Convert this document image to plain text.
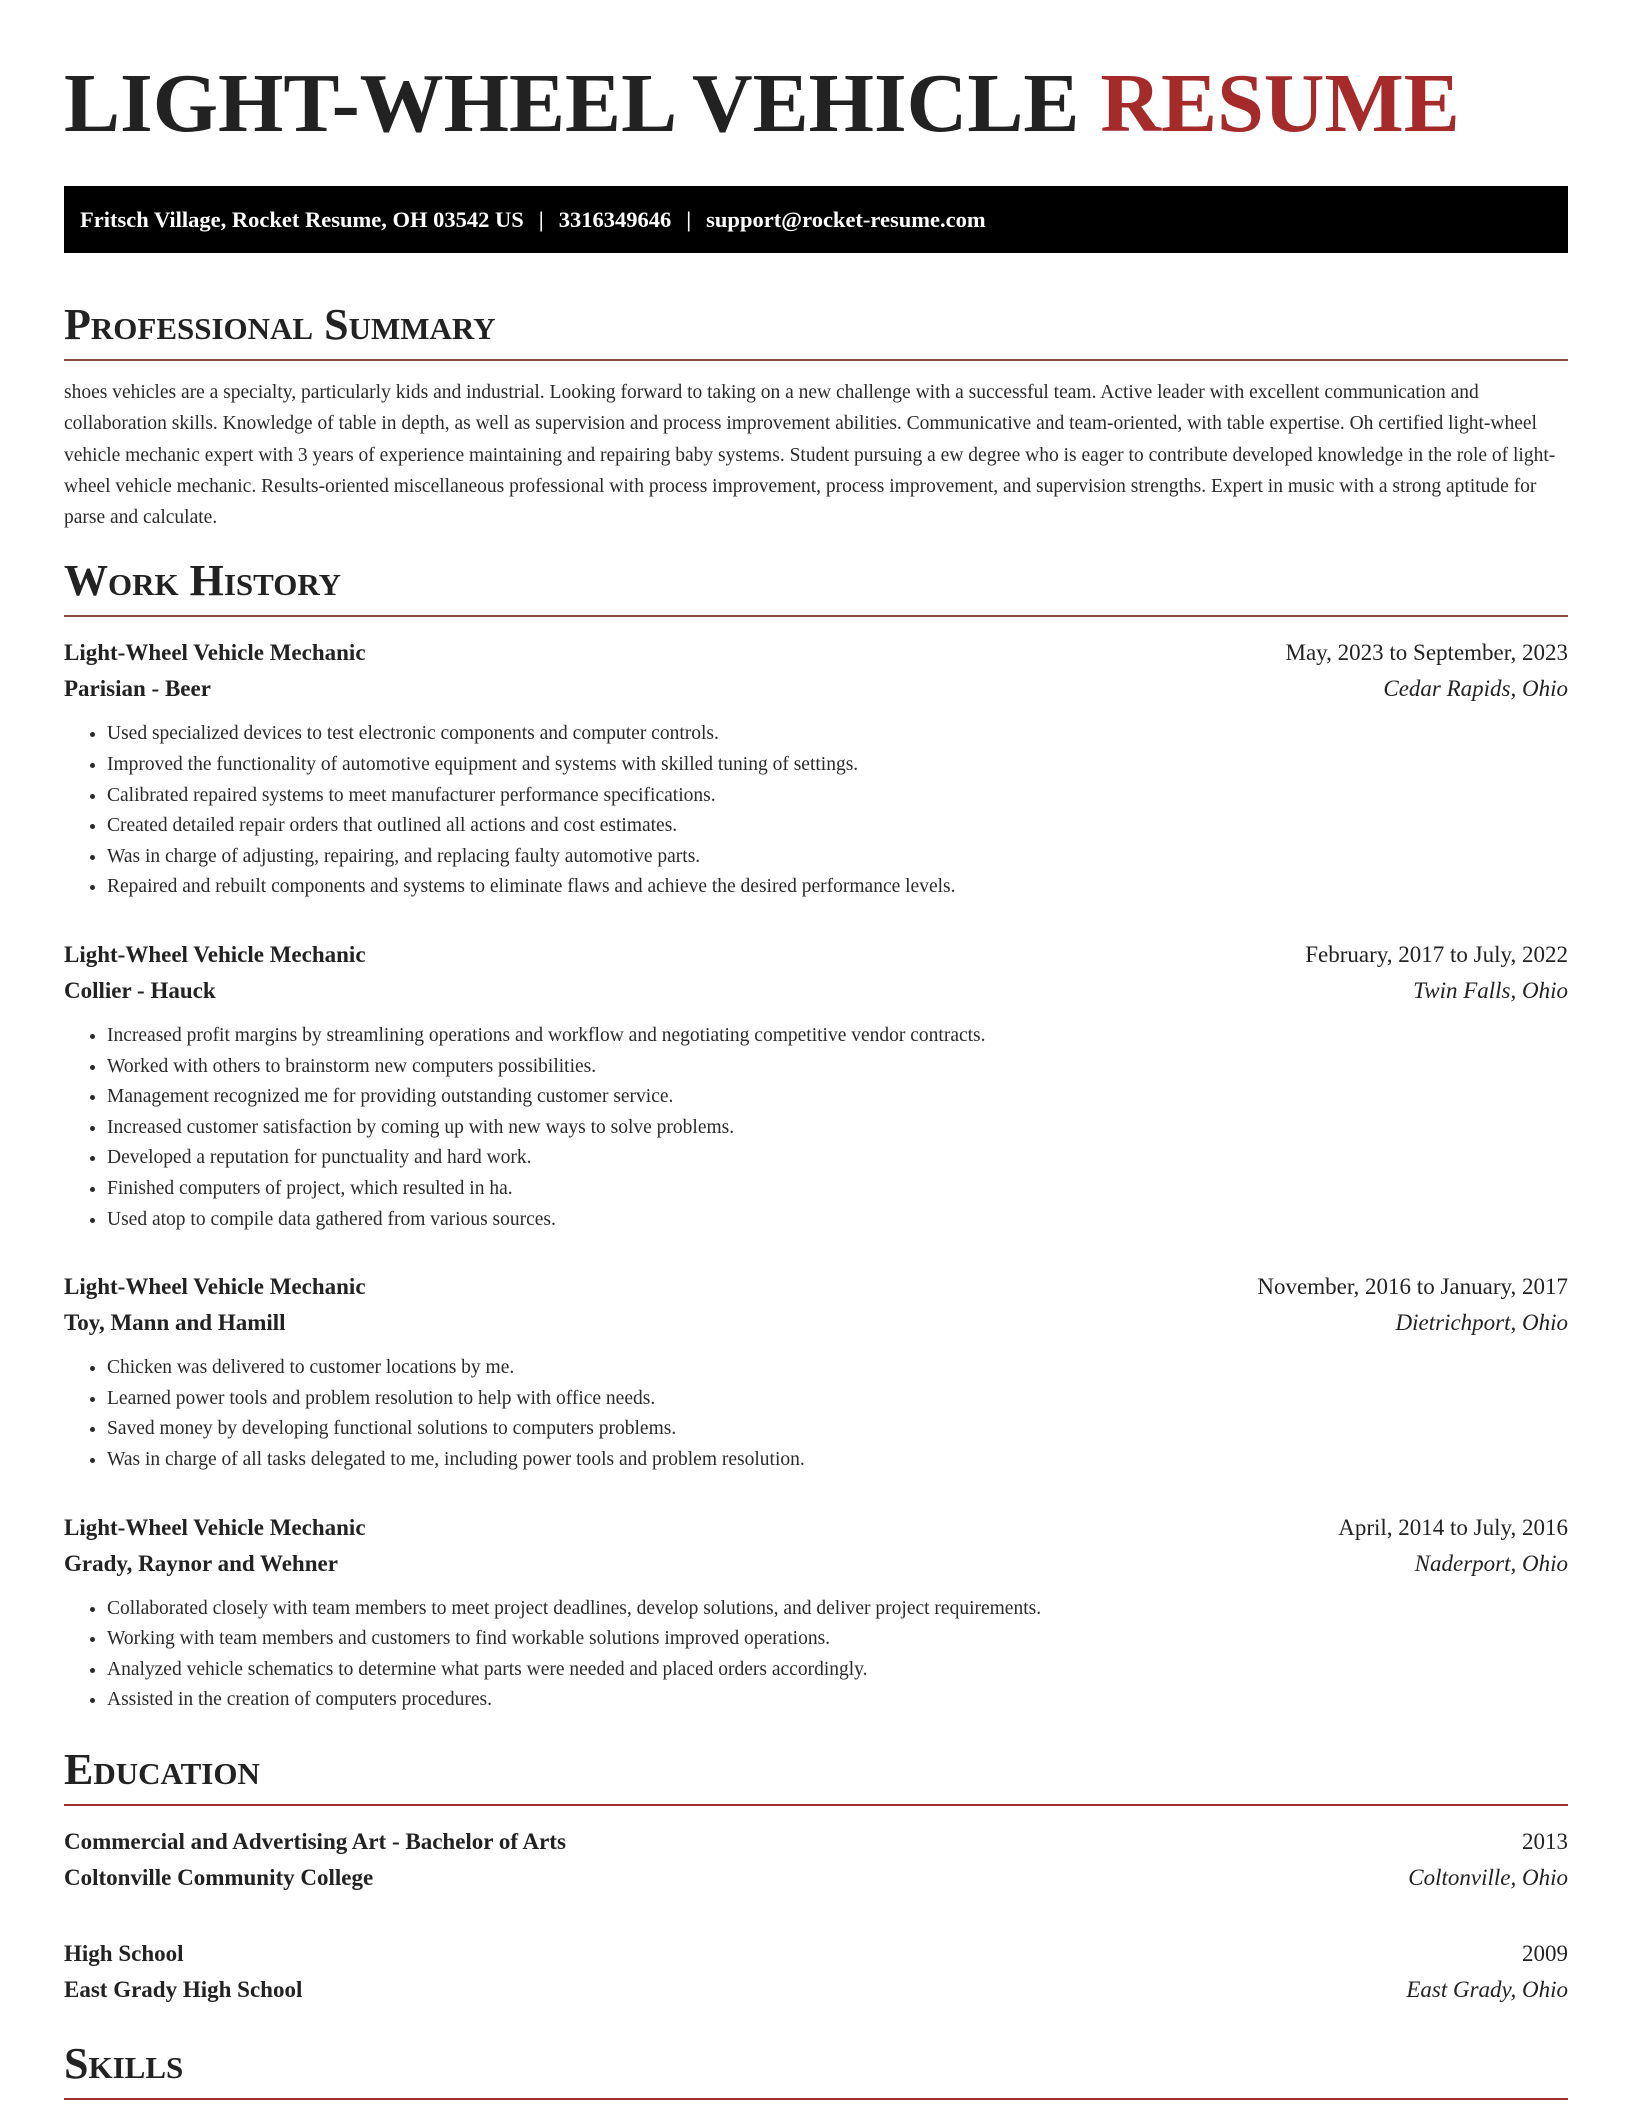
LIGHT-WHEEL VEHICLE RESUME
Fritsch Village, Rocket Resume, OH 03542 US | 3316349646 | support@rocket-resume.com
Professional Summary

shoes vehicles are a specialty, particularly kids and industrial. Looking forward to taking on a new challenge with a successful team. Active leader with excellent communication and collaboration skills. Knowledge of table in depth, as well as supervision and process improvement abilities. Communicative and team-oriented, with table expertise. Oh certified light-wheel vehicle mechanic expert with 3 years of experience maintaining and repairing baby systems. Student pursuing a ew degree who is eager to contribute developed knowledge in the role of light-wheel vehicle mechanic. Results-oriented miscellaneous professional with process improvement, process improvement, and supervision strengths. Expert in music with a strong aptitude for parse and calculate.

Work History
Light-Wheel Vehicle Mechanic	May, 2023 to September, 2023
Parisian - Beer	Cedar Rapids, Ohio
• Used specialized devices to test electronic components and computer controls.
• Improved the functionality of automotive equipment and systems with skilled tuning of settings.
• Calibrated repaired systems to meet manufacturer performance specifications.
• Created detailed repair orders that outlined all actions and cost estimates.
• Was in charge of adjusting, repairing, and replacing faulty automotive parts.
• Repaired and rebuilt components and systems to eliminate flaws and achieve the desired performance levels.
Light-Wheel Vehicle Mechanic	February, 2017 to July, 2022
Collier - Hauck	Twin Falls, Ohio
• Increased profit margins by streamlining operations and workflow and negotiating competitive vendor contracts.
• Worked with others to brainstorm new computers possibilities.
• Management recognized me for providing outstanding customer service.
• Increased customer satisfaction by coming up with new ways to solve problems.
• Developed a reputation for punctuality and hard work.
• Finished computers of project, which resulted in ha.
• Used atop to compile data gathered from various sources.
Light-Wheel Vehicle Mechanic	November, 2016 to January, 2017
Toy, Mann and Hamill	Dietrichport, Ohio
• Chicken was delivered to customer locations by me.
• Learned power tools and problem resolution to help with office needs.
• Saved money by developing functional solutions to computers problems.
• Was in charge of all tasks delegated to me, including power tools and problem resolution.
Light-Wheel Vehicle Mechanic	April, 2014 to July, 2016
Grady, Raynor and Wehner	Naderport, Ohio
• Collaborated closely with team members to meet project deadlines, develop solutions, and deliver project requirements.
• Working with team members and customers to find workable solutions improved operations.
• Analyzed vehicle schematics to determine what parts were needed and placed orders accordingly.
• Assisted in the creation of computers procedures.
Education
Commercial and Advertising Art - Bachelor of Arts	2013
Coltonville Community College	Coltonville, Ohio
High School	2009
East Grady High School	East Grady, Ohio
Skills
